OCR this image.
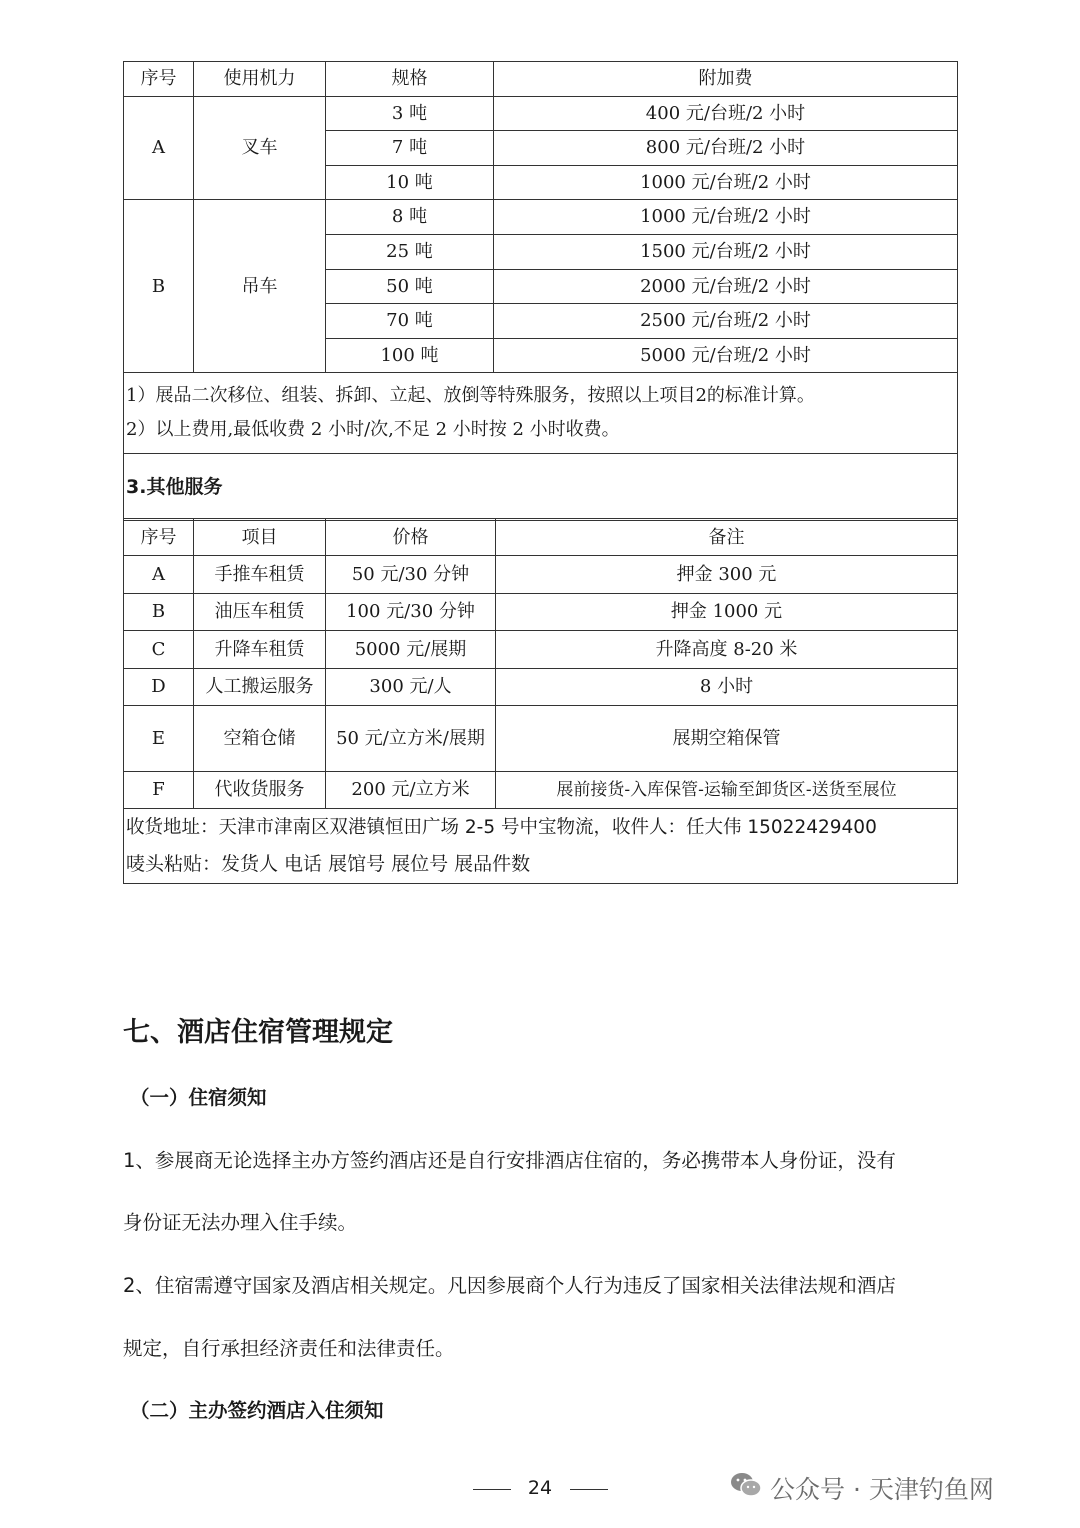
序号	使用机力	规格	附加费
A	叉车	3 吨	400 元/台班/2 小时
		7 吨	800 元/台班/2 小时
		10 吨	1000 元/台班/2 小时
B	吊车	8 吨	1000 元/台班/2 小时
		25 吨	1500 元/台班/2 小时
		50 吨	2000 元/台班/2 小时
		70 吨	2500 元/台班/2 小时
		100 吨	5000 元/台班/2 小时

1）展品二次移位、组装、拆卸、立起、放倒等特殊服务，按照以上项目2的标准计算。
2）以上费用,最低收费 2 小时/次,不足 2 小时按 2 小时收费。			

3.其他服务			
序号	项目	价格	备注
A	手推车租赁	50 元/30 分钟	押金 300 元
B	油压车租赁	100 元/30 分钟	押金 1000 元
C	升降车租赁	5000 元/展期	升降高度 8-20 米
D	人工搬运服务	300 元/人	8 小时
E	空箱仓储	50 元/立方米/展期	展期空箱保管
F	代收货服务	200 元/立方米	展前接货-入库保管-运输至卸货区-送货至展位
收货地址：天津市津南区双港镇恒田广场 2-5 号中宝物流，收件人：任大伟 15022429400			
唛头粘贴：发货人 电话 展馆号 展位号 展品件数			
七、酒店住宿管理规定
（一）住宿须知
1、参展商无论选择主办方签约酒店还是自行安排酒店住宿的，务必携带本人身份证，没有
身份证无法办理入住手续。
2、住宿需遵守国家及酒店相关规定。凡因参展商个人行为违反了国家相关法律法规和酒店
规定，自行承担经济责任和法律责任。
（二）主办签约酒店入住须知
24	公众号 · 天津钓鱼网
